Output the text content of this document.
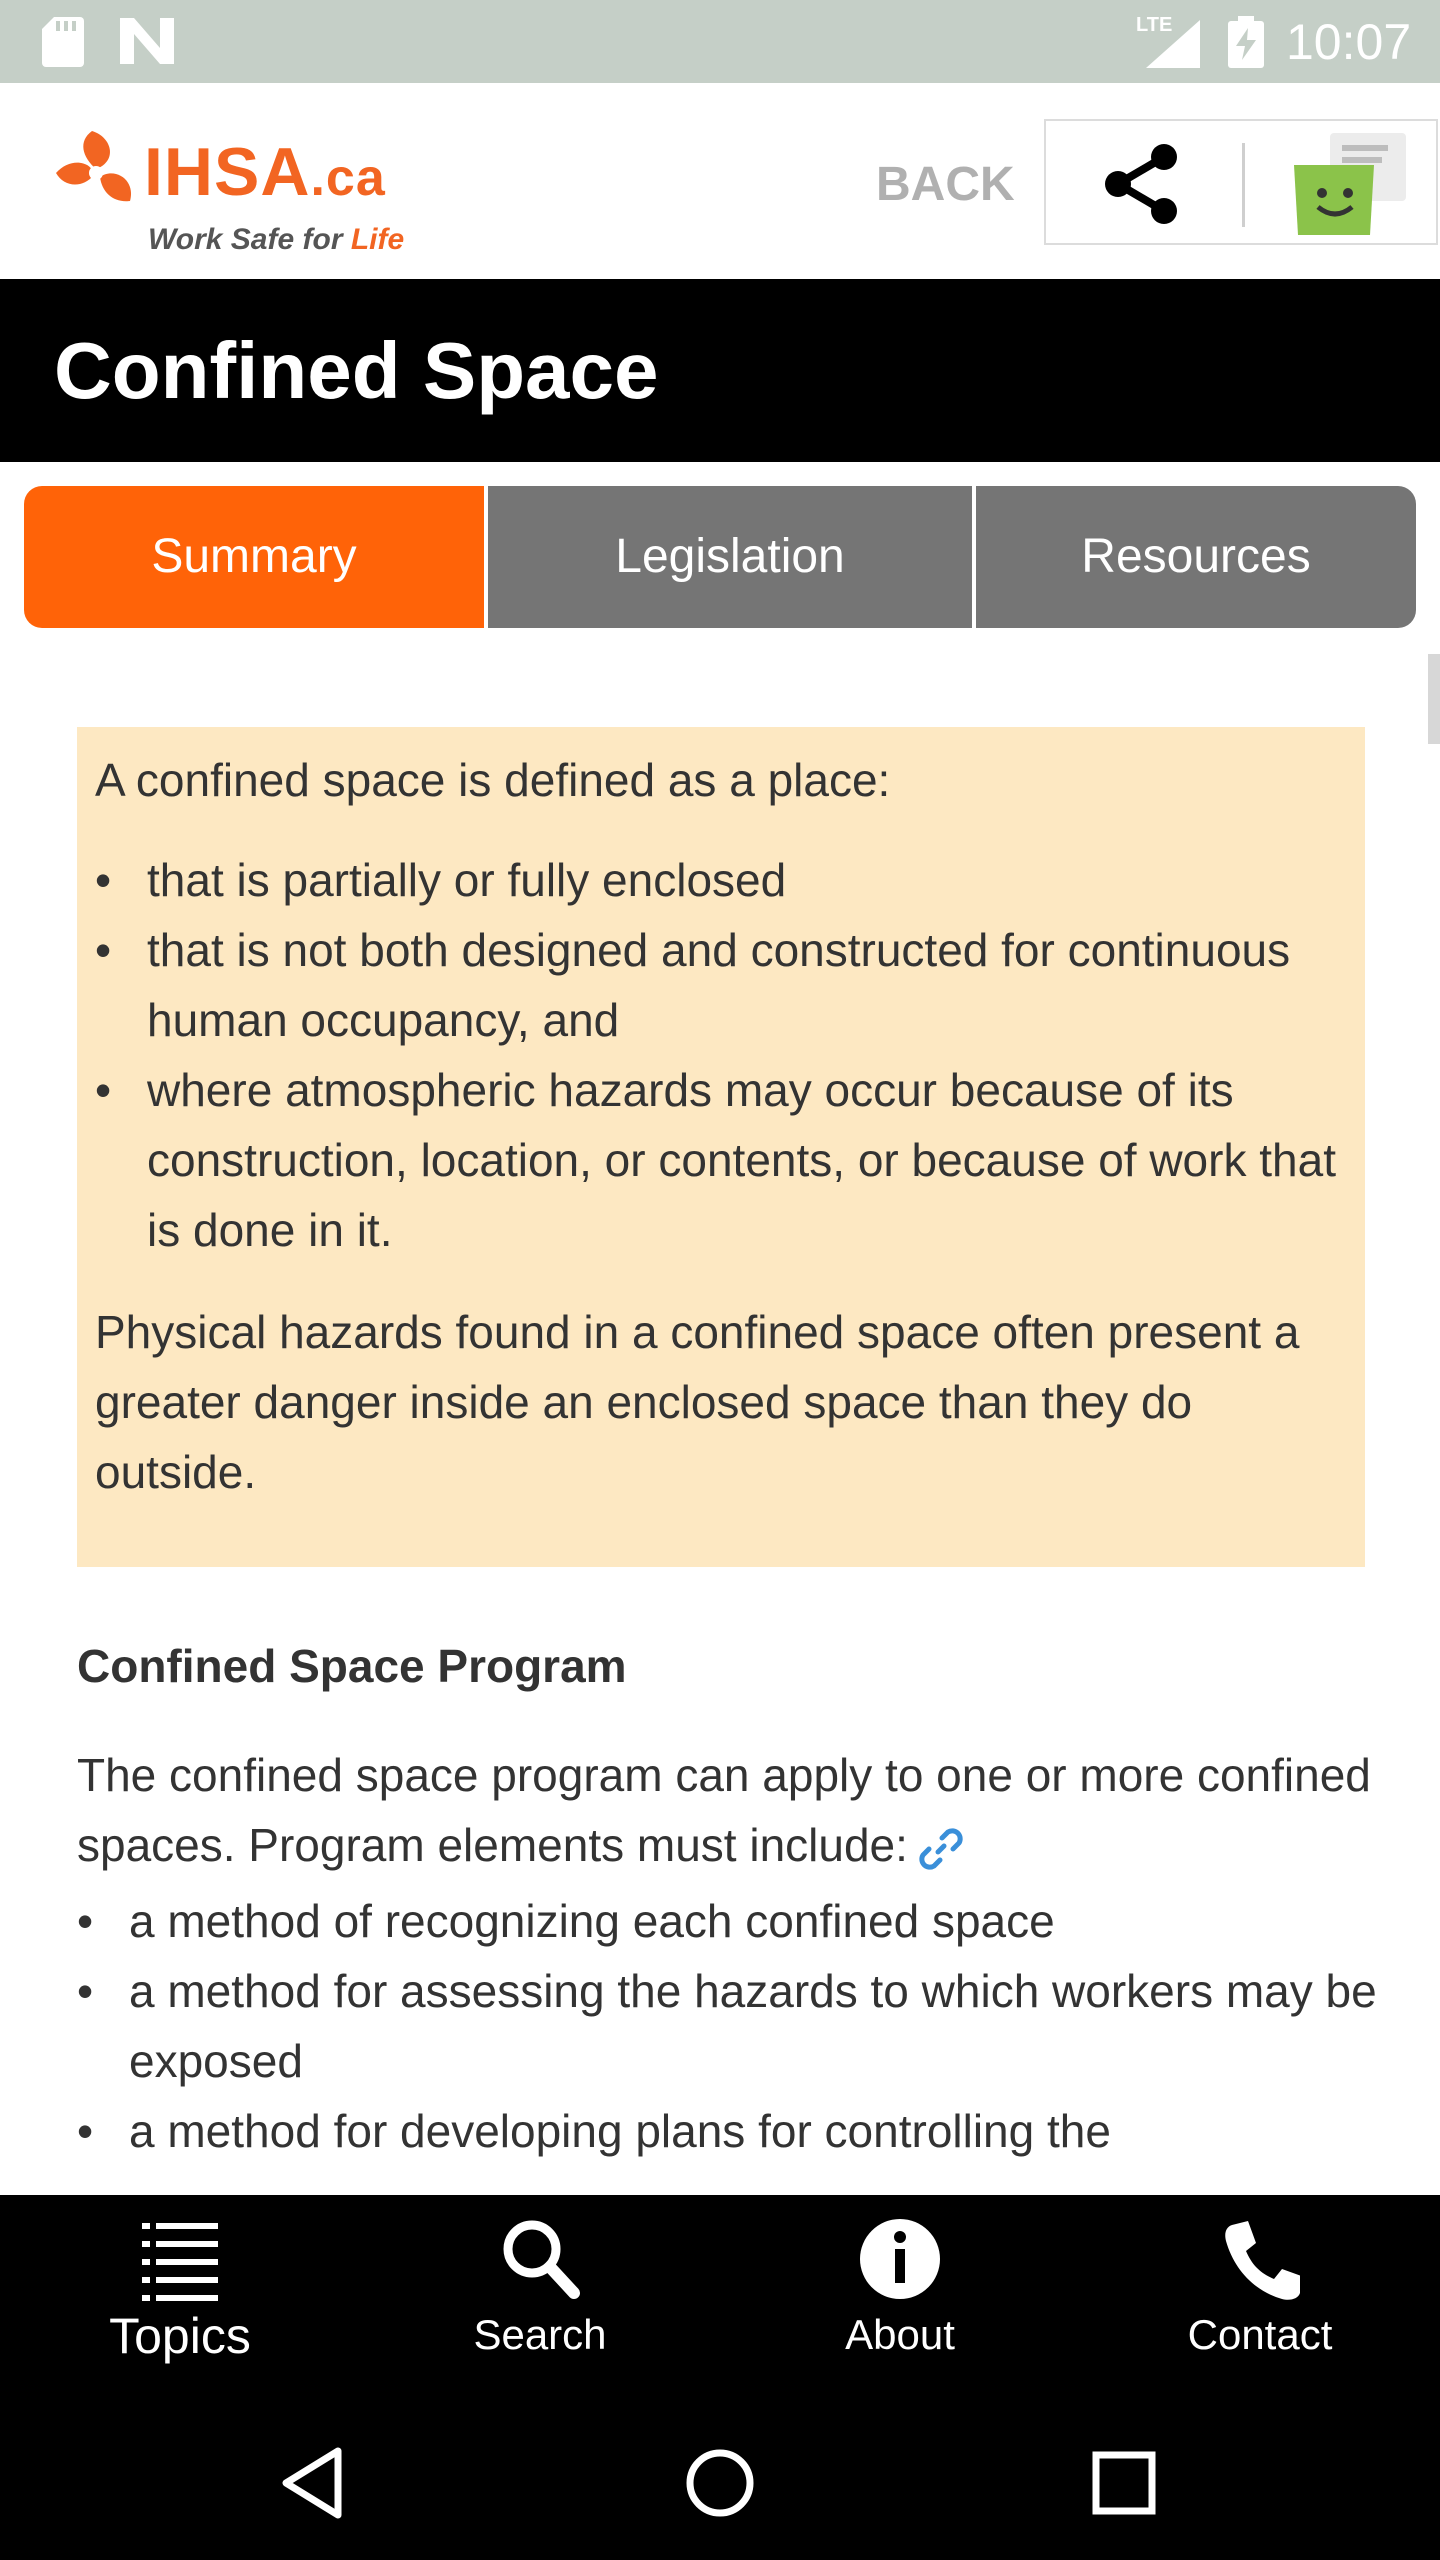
LTE 10:07
IHSA.ca
Work Safe for Life
BACK
Confined Space
Summary	Legislation	Resources

A confined space is defined as a place:

• that is partially or fully enclosed
• that is not both designed and constructed for continuous human occupancy, and
• where atmospheric hazards may occur because of its construction, location, or contents, or because of work that is done in it.

Physical hazards found in a confined space often present a greater danger inside an enclosed space than they do outside.

Confined Space Program

The confined space program can apply to one or more confined spaces. Program elements must include:

• a method of recognizing each confined space
• a method for assessing the hazards to which workers may be exposed
• a method for developing plans for controlling the
Topics	Search	About	Contact
